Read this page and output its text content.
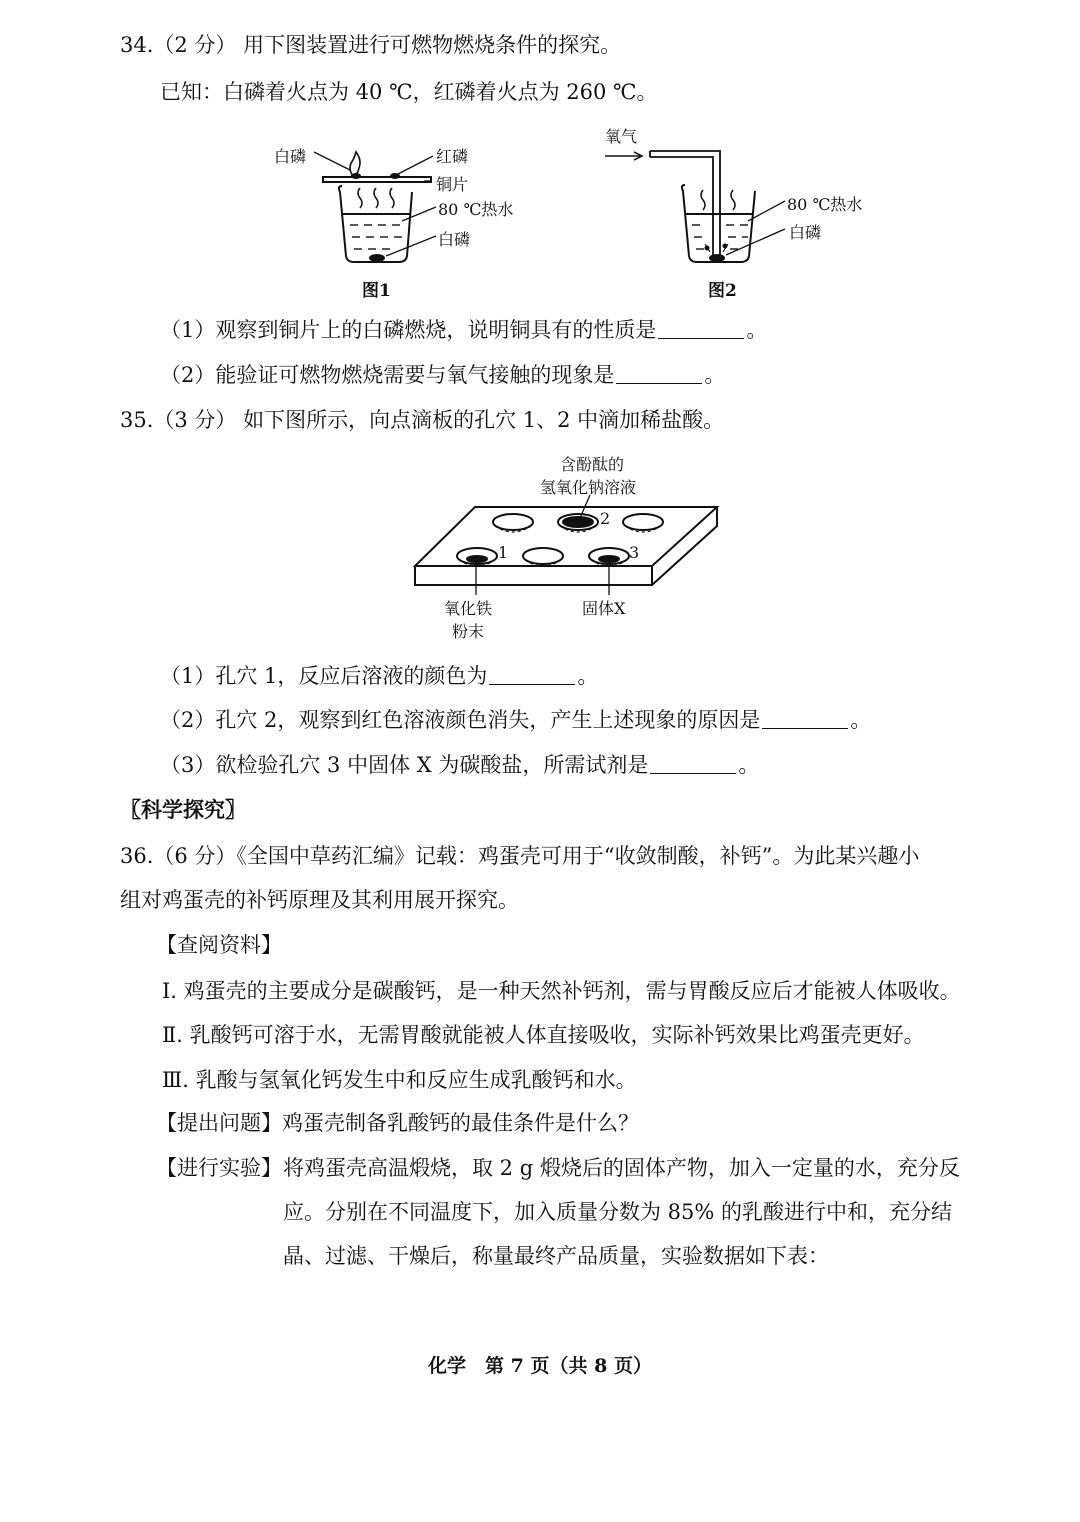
34.（2 分） 用下图装置进行可燃物燃烧条件的探究。
已知：白磷着火点为 40 ℃，红磷着火点为 260 ℃。
白磷	红磷
铜片
80 ℃热水
白磷
图1
氧气
80 ℃热水
白磷
图2
（1）观察到铜片上的白磷燃烧，说明铜具有的性质是	。
（2）能验证可燃物燃烧需要与氧气接触的现象是	。
35.（3 分） 如下图所示，向点滴板的孔穴 1、2 中滴加稀盐酸。
含酚酞的
氢氧化钠溶液
2
1	3
氧化铁
粉末
固体X
（1）孔穴 1，反应后溶液的颜色为	。
（2）孔穴 2，观察到红色溶液颜色消失，产生上述现象的原因是	。
（3）欲检验孔穴 3 中固体 X 为碳酸盐，所需试剂是	。
〖科学探究〗
36.（6 分）《全国中草药汇编》记载：鸡蛋壳可用于“收敛制酸，补钙”。为此某兴趣小
组对鸡蛋壳的补钙原理及其利用展开探究。
【查阅资料】
Ⅰ. 鸡蛋壳的主要成分是碳酸钙，是一种天然补钙剂，需与胃酸反应后才能被人体吸收。
Ⅱ. 乳酸钙可溶于水，无需胃酸就能被人体直接吸收，实际补钙效果比鸡蛋壳更好。
Ⅲ. 乳酸与氢氧化钙发生中和反应生成乳酸钙和水。
【提出问题】鸡蛋壳制备乳酸钙的最佳条件是什么？
【进行实验】 将鸡蛋壳高温煅烧，取 2 g 煅烧后的固体产物，加入一定量的水，充分反
应。分别在不同温度下，加入质量分数为 85% 的乳酸进行中和，充分结
晶、过滤、干燥后，称量最终产品质量，实验数据如下表：
化学　第 7 页（共 8 页）
